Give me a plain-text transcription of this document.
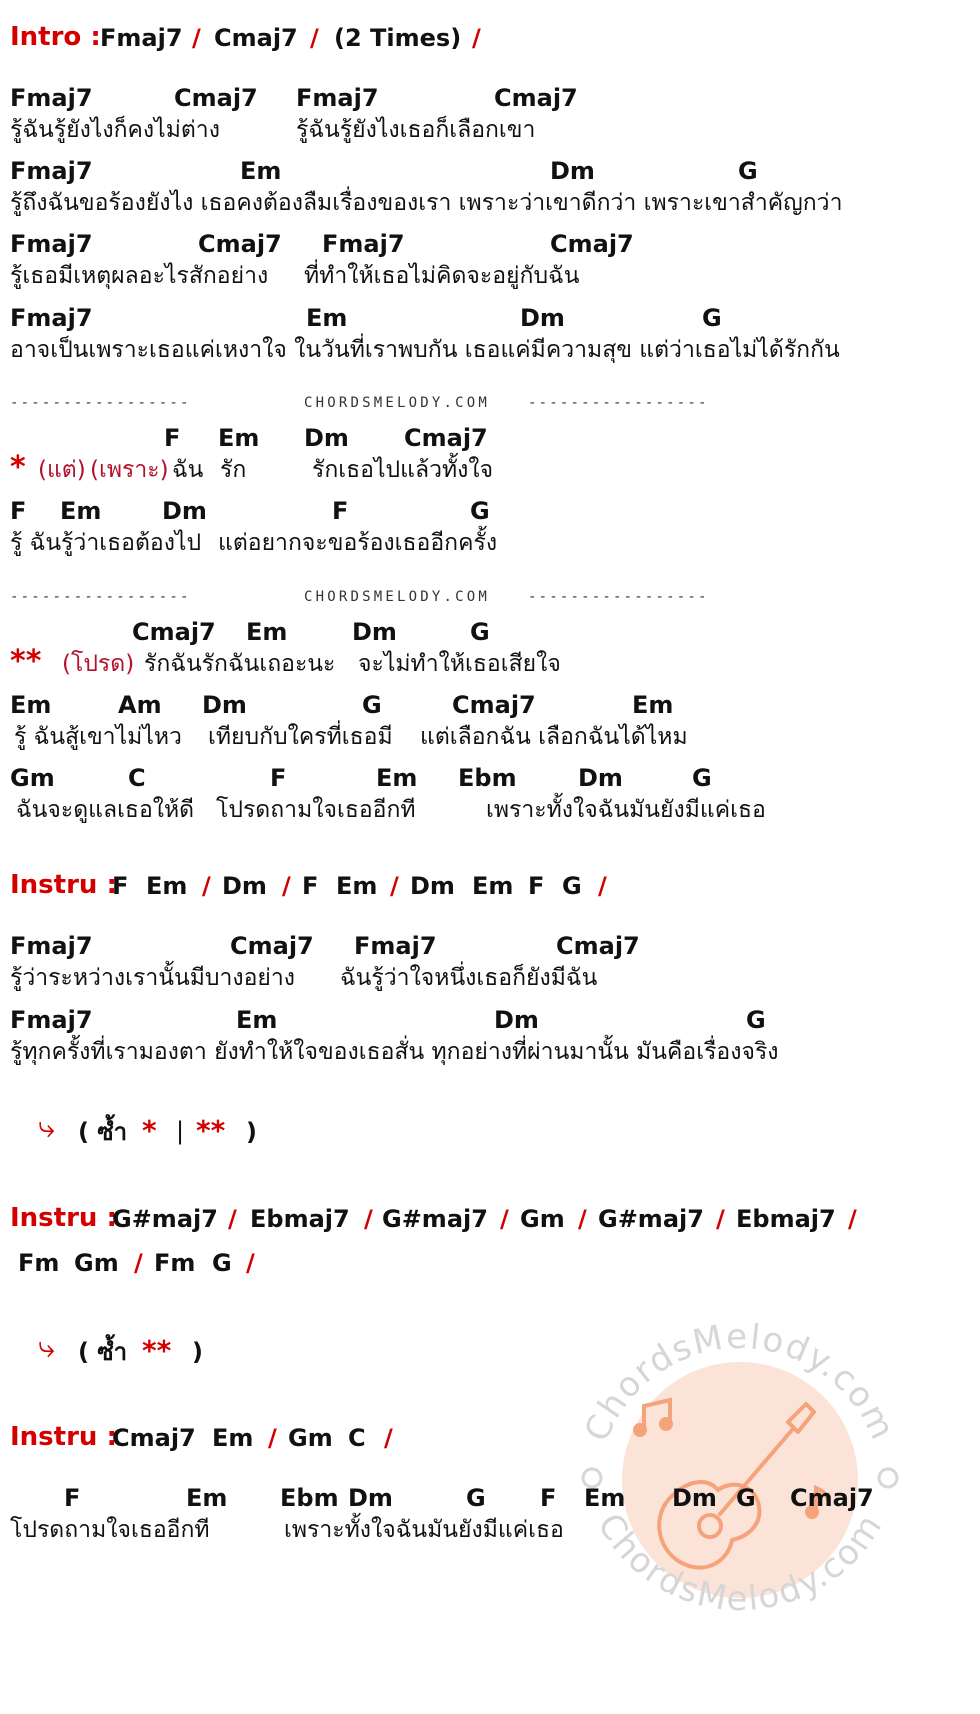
Intro : Fmaj7 / Cmaj7 / (2 Times) /
Fmaj7	Cmaj7 Fmaj7	Cmaj7
รู้ฉันรู้ยังไงก็คงไม่ต่าง	รู้ฉันรู้ยังไงเธอก็เลือกเขา
Fmaj7	Em	Dm	G
รู้ถึงฉันขอร้องยังไง เธอคงต้องลืมเรื่องของเรา เพราะว่าเขาดีกว่า เพราะเขาสำคัญกว่า
Fmaj7	Cmaj7 Fmaj7	Cmaj7
รู้เธอมีเหตุผลอะไรสักอย่าง ที่ทำให้เธอไม่คิดจะอยู่กับฉัน
Fmaj7	Em	Dm	G
อาจเป็นเพราะเธอแค่เหงาใจ ในวันที่เราพบกัน เธอแค่มีความสุข แต่ว่าเธอไม่ได้รักกัน
-----------------	CHORDSMELODY.COM	-----------------
F Em Dm Cmaj7
* (แต่) (เพราะ) ฉัน รัก	รักเธอไปแล้วทั้งใจ
F Em	Dm	F	G
รู้ ฉันรู้ว่าเธอต้องไป แต่อยากจะขอร้องเธออีกครั้ง
-----------------	CHORDSMELODY.COM	-----------------
Cmaj7 Em	Dm	G
** (โปรด) รักฉันรักฉันเถอะนะ จะไม่ทำให้เธอเสียใจ
Em	Am Dm	G	Cmaj7	Em
รู้ ฉันสู้เขาไม่ไหว เทียบกับใครที่เธอมี แต่เลือกฉัน เลือกฉันได้ไหม
Gm	C	F	Em Ebm	Dm	G
ฉันจะดูแลเธอให้ดี โปรดถามใจเธออีกที	เพราะทั้งใจฉันมันยังมีแค่เธอ
Instru :
F Em / Dm / F Em / Dm Em F G /
Fmaj7	Cmaj7 Fmaj7	Cmaj7
รู้ว่าระหว่างเรานั้นมีบางอย่าง ฉันรู้ว่าใจหนึ่งเธอก็ยังมีฉัน
Fmaj7	Em	Dm	G
รู้ทุกครั้งที่เรามองตา ยังทำให้ใจของเธอสั่น ทุกอย่างที่ผ่านมานั้น มันคือเรื่องจริง
⤷ ( ซ้ำ * | ** )
Instru :
G#maj7 / Ebmaj7 / G#maj7 / Gm / G#maj7 / Ebmaj7 /
Fm Gm / Fm G /
⤷ ( ซ้ำ ** )
ChordsMelody.com
ChordsMelody.com
Instru :
Cmaj7 Em / Gm C /
F	Em Ebm Dm	G F Em Dm G Cmaj7
โปรดถามใจเธออีกที	เพราะทั้งใจฉันมันยังมีแค่เธอ
